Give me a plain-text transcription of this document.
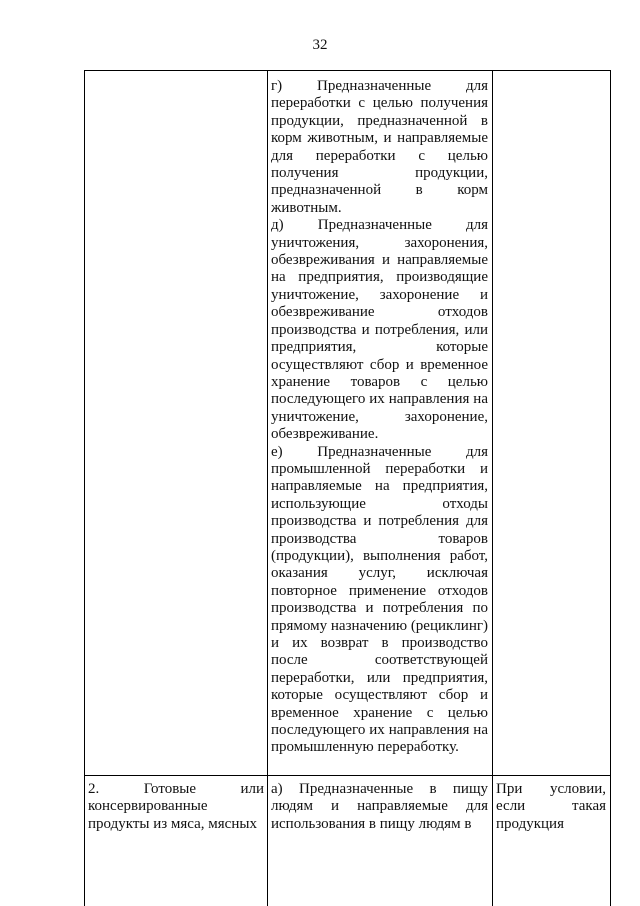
32

г) Предназначенные для переработки с целью получения продукции, предназначенной в корм животным, и направляемые для переработки с целью получения продукции, предназначенной в корм животным.

д) Предназначенные для уничтожения, захоронения, обезвреживания и направляемые на предприятия, производящие уничтожение, захоронение и обезвреживание отходов производства и потребления, или предприятия, которые осуществляют сбор и временное хранение товаров с целью последующего их направления на уничтожение, захоронение, обезвреживание.

е) Предназначенные для промышленной переработки и направляемые на предприятия, использующие отходы производства и потребления для производства товаров (продукции), выполнения работ, оказания услуг, исключая повторное применение отходов производства и потребления по прямому назначению (рециклинг) и их возврат в производство после соответствующей переработки, или предприятия, которые осуществляют сбор и временное хранение с целью последующего их направления на промышленную переработку.

2. Готовые или консервированные продукты из мяса, мясных

а) Предназначенные в пищу людям и направляемые для использования в пищу людям в

При условии, если такая продукция
